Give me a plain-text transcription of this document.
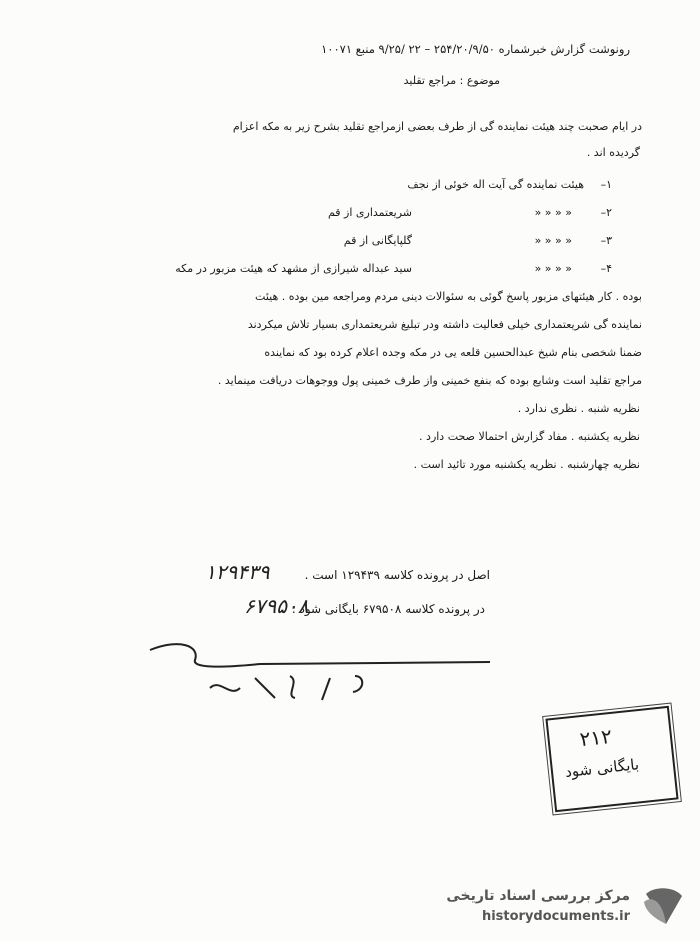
رونوشت گزارش خبرشماره ۲۵۴/۲۰/۹/۵۰ – ۲۲ /۹/۲۵ منبع ۱۰۰۷۱
موضوع : مراجع تقلید
در ایام صحبت چند هیئت نماینده گی از طرف بعضی ازمراجع تقلید بشرح زیر به مکه اعزام
گردیده اند .
۱–
هیئت نماینده گی آیت اله خوئی از نجف
۲–
« « « «
شریعتمداری از قم
۳–
« « « «
گلپایگانی از قم
۴–
« « « «
سید عبداله شیرازی از مشهد که هیئت مزبور در مکه
بوده . کار هیئتهای مزبور پاسخ گوئی به سئوالات دینی مردم ومراجعه مین بوده . هیئت
نماینده گی شریعتمداری خیلی فعالیت داشته ودر تبلیغ شریعتمداری بسیار تلاش میکردند
ضمنا شخصی بنام شیخ عبدالحسین قلعه یی در مکه وجده اعلام کرده بود که نماینده
مراجع تقلید است وشایع بوده که بنفع خمینی واز طرف خمینی پول ووجوهات دریافت مینماید .
نظریه شنبه . نظری ندارد .
نظریه یکشنبه . مفاد گزارش احتمالا صحت دارد .
نظریه چهارشنبه . نظریه یکشنبه مورد تائید است .
اصل در پرونده کلاسه ۱۲۹۴۳۹ است .
در پرونده کلاسه ۶۷۹۵۰۸ بایگانی شود .
۱۲۹۴۳۹
۶۷۹۵۰۸
۲۱۲
بایگانی شود
مرکز بررسی اسناد تاریخی
historydocuments.ir
